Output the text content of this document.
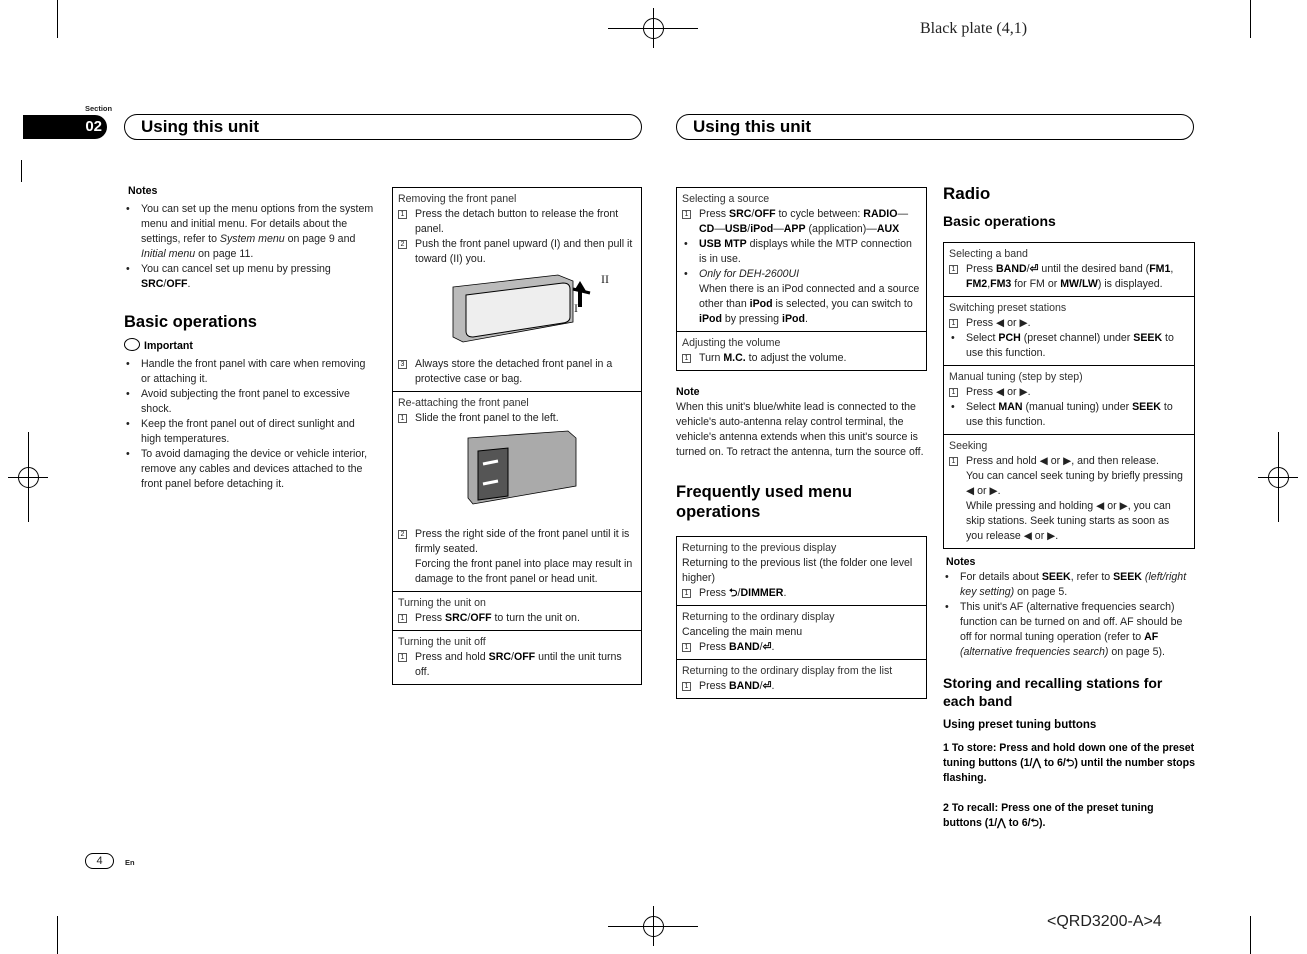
Black plate (4,1)
<QRD3200-A>4
Section
02	Using this unit	Using this unit
4	En
Notes
• You can set up the menu options from the system menu and initial menu. For details about the settings, refer to System menu on page 9 and Initial menu on page 11.
• You can cancel set up menu by pressing SRC/OFF.
Basic operations
Important
• Handle the front panel with care when removing or attaching it.
• Avoid subjecting the front panel to excessive shock.
• Keep the front panel out of direct sunlight and high temperatures.
• To avoid damaging the device or vehicle interior, remove any cables and devices attached to the front panel before detaching it.
Removing the front panel
1 Press the detach button to release the front panel.
2 Push the front panel upward (I) and then pull it toward (II) you.
II
I
3 Always store the detached front panel in a protective case or bag.
Re-attaching the front panel
1 Slide the front panel to the left.
2 Press the right side of the front panel until it is firmly seated.
Forcing the front panel into place may result in damage to the front panel or head unit.
Turning the unit on
1 Press SRC/OFF to turn the unit on.
Turning the unit off
1 Press and hold SRC/OFF until the unit turns off.
Selecting a source
1 Press SRC/OFF to cycle between: RADIO—CD—USB/iPod—APP (application)—AUX
• USB MTP displays while the MTP connection is in use.
• Only for DEH-2600UI
When there is an iPod connected and a source other than iPod is selected, you can switch to iPod by pressing iPod.
Adjusting the volume
1 Turn M.C. to adjust the volume.
Note
When this unit's blue/white lead is connected to the vehicle's auto-antenna relay control terminal, the vehicle's antenna extends when this unit's source is turned on. To retract the antenna, turn the source off.
Frequently used menu operations
Returning to the previous display
Returning to the previous list (the folder one level higher)
1 Press ⮌/DIMMER.
Returning to the ordinary display
Canceling the main menu
1 Press BAND/⏎.
Returning to the ordinary display from the list
1 Press BAND/⏎.
Radio
Basic operations
Selecting a band
1 Press BAND/⏎ until the desired band (FM1, FM2,FM3 for FM or MW/LW) is displayed.
Switching preset stations
1 Press ◀ or ▶.
• Select PCH (preset channel) under SEEK to use this function.
Manual tuning (step by step)
1 Press ◀ or ▶.
• Select MAN (manual tuning) under SEEK to use this function.
Seeking
1 Press and hold ◀ or ▶, and then release.
You can cancel seek tuning by briefly pressing ◀ or ▶.
While pressing and holding ◀ or ▶, you can skip stations. Seek tuning starts as soon as you release ◀ or ▶.
Notes
• For details about SEEK, refer to SEEK (left/right key setting) on page 5.
• This unit's AF (alternative frequencies search) function can be turned on and off. AF should be off for normal tuning operation (refer to AF (alternative frequencies search) on page 5).
Storing and recalling stations for each band
Using preset tuning buttons
1 To store: Press and hold down one of the preset tuning buttons (1/⋀ to 6/⮌) until the number stops flashing.
2 To recall: Press one of the preset tuning buttons (1/⋀ to 6/⮌).
